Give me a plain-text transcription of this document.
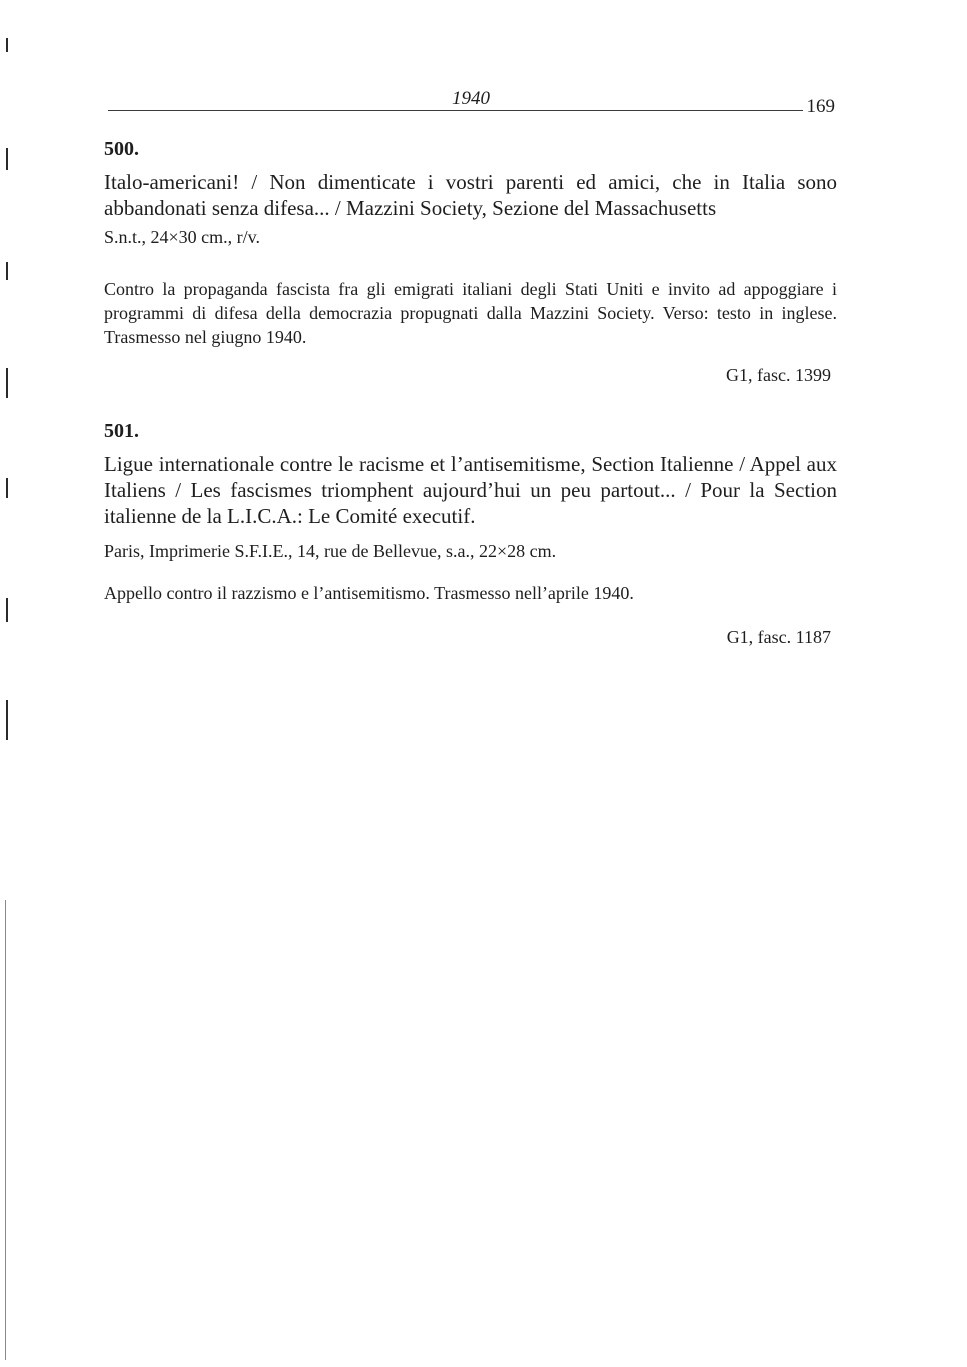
1940	169

500.

Italo-americani! / Non dimenticate i vostri parenti ed amici, che in Italia sono abbandonati senza difesa... / Mazzini Society, Sezione del Massachusetts

S.n.t., 24×30 cm., r/v.

Contro la propaganda fascista fra gli emigrati italiani degli Stati Uniti e invito ad appoggiare i programmi di difesa della democrazia propugnati dalla Mazzini Society. Verso: testo in inglese. Trasmesso nel giugno 1940.

G1, fasc. 1399

501.

Ligue internationale contre le racisme et l’antisemitisme, Section Italienne / Appel aux Italiens / Les fascismes triomphent aujourd’hui un peu partout... / Pour la Section italienne de la L.I.C.A.: Le Comité executif.

Paris, Imprimerie S.F.I.E., 14, rue de Bellevue, s.a., 22×28 cm.

Appello contro il razzismo e l’antisemitismo. Trasmesso nell’aprile 1940.

G1, fasc. 1187
